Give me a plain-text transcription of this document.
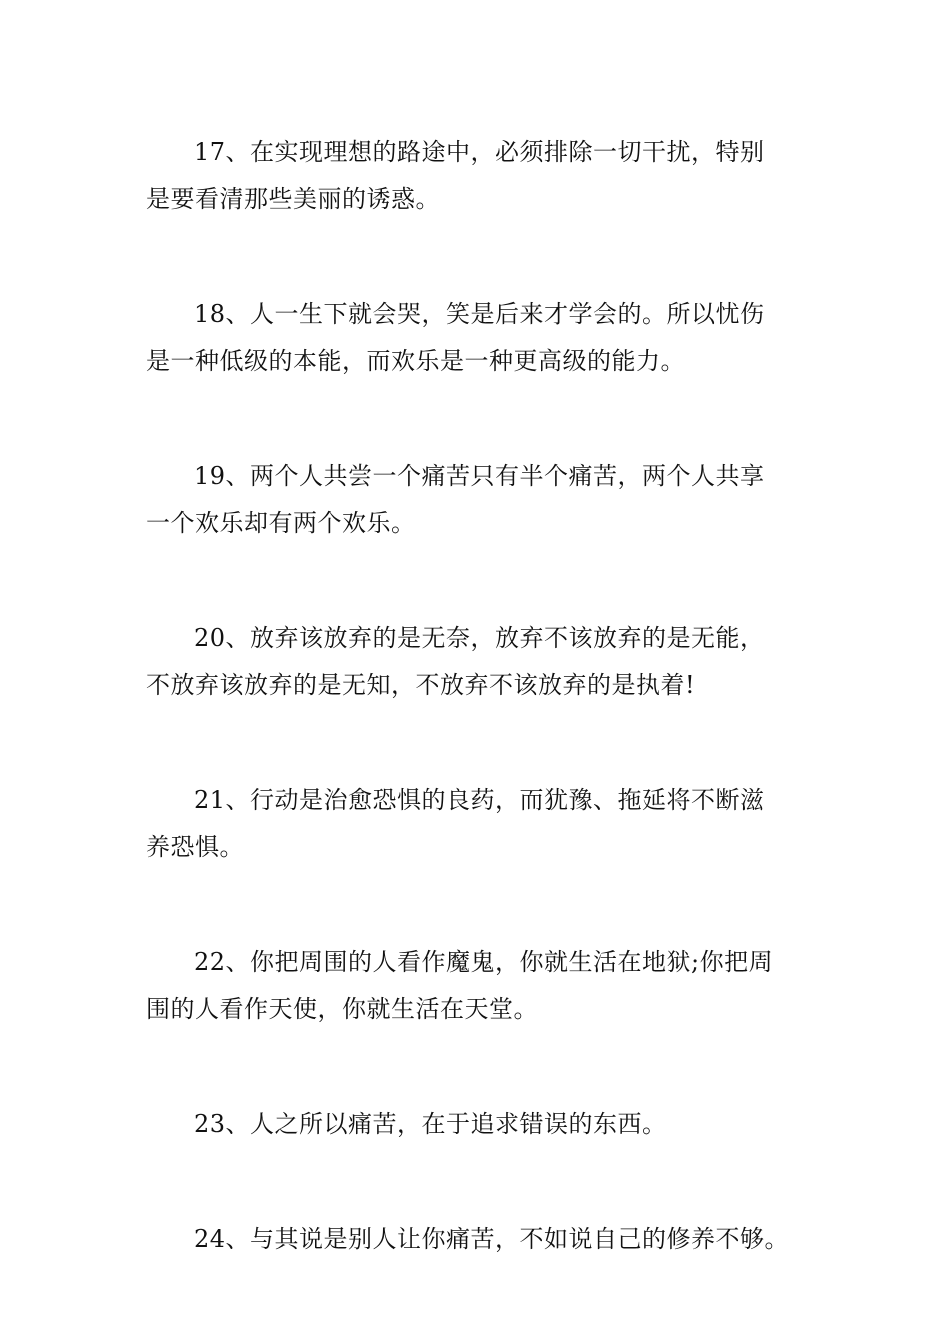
17、在实现理想的路途中，必须排除一切干扰，特别
是要看清那些美丽的诱惑。

18、人一生下就会哭，笑是后来才学会的。所以忧伤
是一种低级的本能，而欢乐是一种更高级的能力。

19、两个人共尝一个痛苦只有半个痛苦，两个人共享
一个欢乐却有两个欢乐。

20、放弃该放弃的是无奈，放弃不该放弃的是无能，
不放弃该放弃的是无知，不放弃不该放弃的是执着!

21、行动是治愈恐惧的良药，而犹豫、拖延将不断滋
养恐惧。

22、你把周围的人看作魔鬼，你就生活在地狱;你把周
围的人看作天使，你就生活在天堂。

23、人之所以痛苦，在于追求错误的东西。

24、与其说是别人让你痛苦，不如说自己的修养不够。
